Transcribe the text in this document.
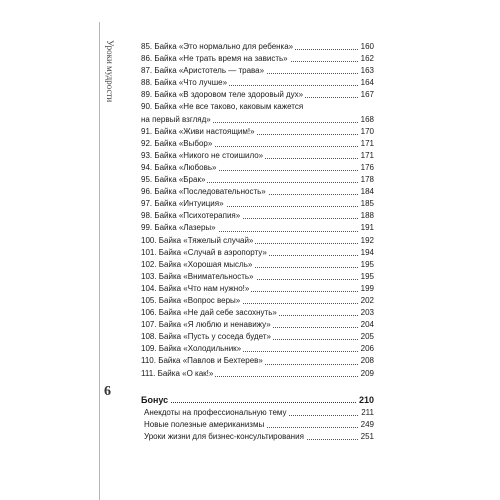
Уроки мудрости
6
85. Байка «Это нормально для ребенка»	160
86. Байка «Не трать время на зависть»	162
87. Байка «Аристотель — трава»	163
88. Байка «Что лучше»	164
89. Байка «В здоровом теле здоровый дух»	167
90. Байка «Не все таково, каковым кажется
на первый взгляд»	168
91. Байка «Живи настоящим!»	170
92. Байка «Выбор»	171
93. Байка «Никого не стоишило»	171
94. Байка «Любовь»	176
95. Байка «Брак»	178
96. Байка «Последовательность»	184
97. Байка «Интуиция»	185
98. Байка «Психотерапия»	188
99. Байка «Лазеры»	191
100. Байка «Тяжелый случай»	192
101. Байка «Случай в аэропорту»	194
102. Байка «Хорошая мысль»	195
103. Байка «Внимательность»	195
104. Байка «Что нам нужно!»	199
105. Байка «Вопрос веры»	202
106. Байка «Не дай себе засохнуть»	203
107. Байка «Я люблю и ненавижу»	204
108. Байка «Пусть у соседа будет»	205
109. Байка «Холодильник»	206
110. Байка «Павлов и Бехтерев»	208
111. Байка «О как!»	209
Бонус	210
Анекдоты на профессиональную тему	211
Новые полезные американизмы	249
Уроки жизни для бизнес-консультирования	251
